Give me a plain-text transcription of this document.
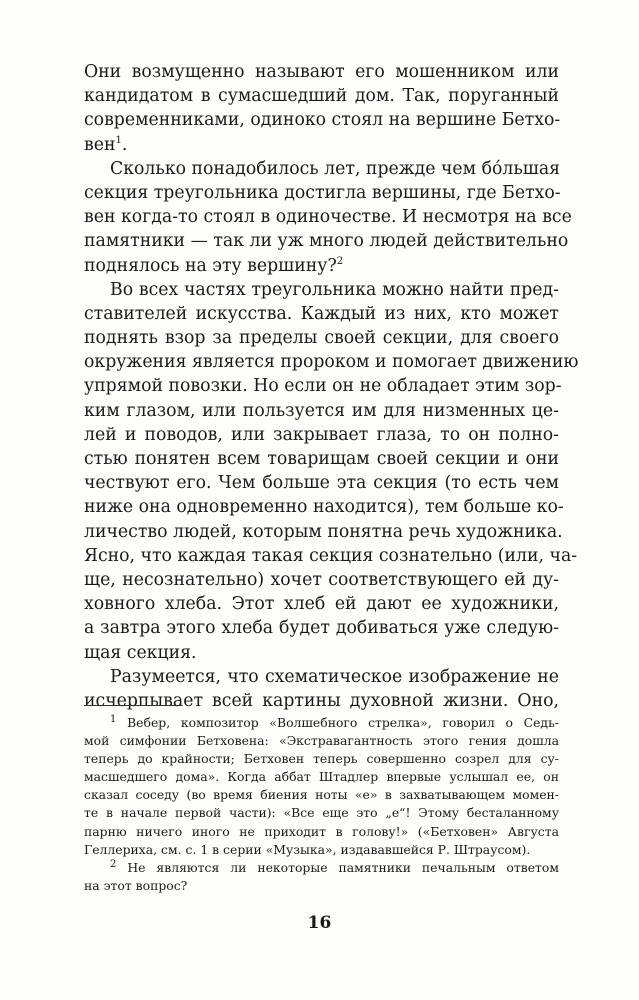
Они возмущенно называют его мошенником или
кандидатом в сумасшедший дом. Так, поруганный
современниками, одиноко стоял на вершине Бетхо-
вен$^1$.
Сколько понадобилось лет, прежде чем бо́льшая
секция треугольника достигла вершины, где Бетхо-
вен когда-то стоял в одиночестве. И несмотря на все
памятники — так ли уж много людей действительно
поднялось на эту вершину?$^2$
Во всех частях треугольника можно найти пред-
ставителей искусства. Каждый из них, кто может
поднять взор за пределы своей секции, для своего
окружения является пророком и помогает движению
упрямой повозки. Но если он не обладает этим зор-
ким глазом, или пользуется им для низменных це-
лей и поводов, или закрывает глаза, то он полно-
стью понятен всем товарищам своей секции и они
чествуют его. Чем больше эта секция (то есть чем
ниже она одновременно находится), тем больше ко-
личество людей, которым понятна речь художника.
Ясно, что каждая такая секция сознательно (или, ча-
ще, несознательно) хочет соответствующего ей ду-
ховного хлеба. Этот хлеб ей дают ее художники,
а завтра этого хлеба будет добиваться уже следую-
щая секция.
Разумеется, что схематическое изображение не
исчерпывает всей картины духовной жизни. Оно,
$^1$ Вебер, композитор «Волшебного стрелка», говорил о Седь-
мой симфонии Бетховена: «Экстравагантность этого гения дошла
теперь до крайности; Бетховен теперь совершенно созрел для су-
масшедшего дома». Когда аббат Штадлер впервые услышал ее, он
сказал соседу (во время биения ноты «е» в захватывающем момен-
те в начале первой части): «Все еще это „е“! Этому бесталанному
парню ничего иного не приходит в голову!» («Бетховен» Августа
Геллериха, см. с. 1 в серии «Музыка», издававшейся Р. Штраусом).
$^2$ Не являются ли некоторые памятники печальным ответом
на этот вопрос?
16
